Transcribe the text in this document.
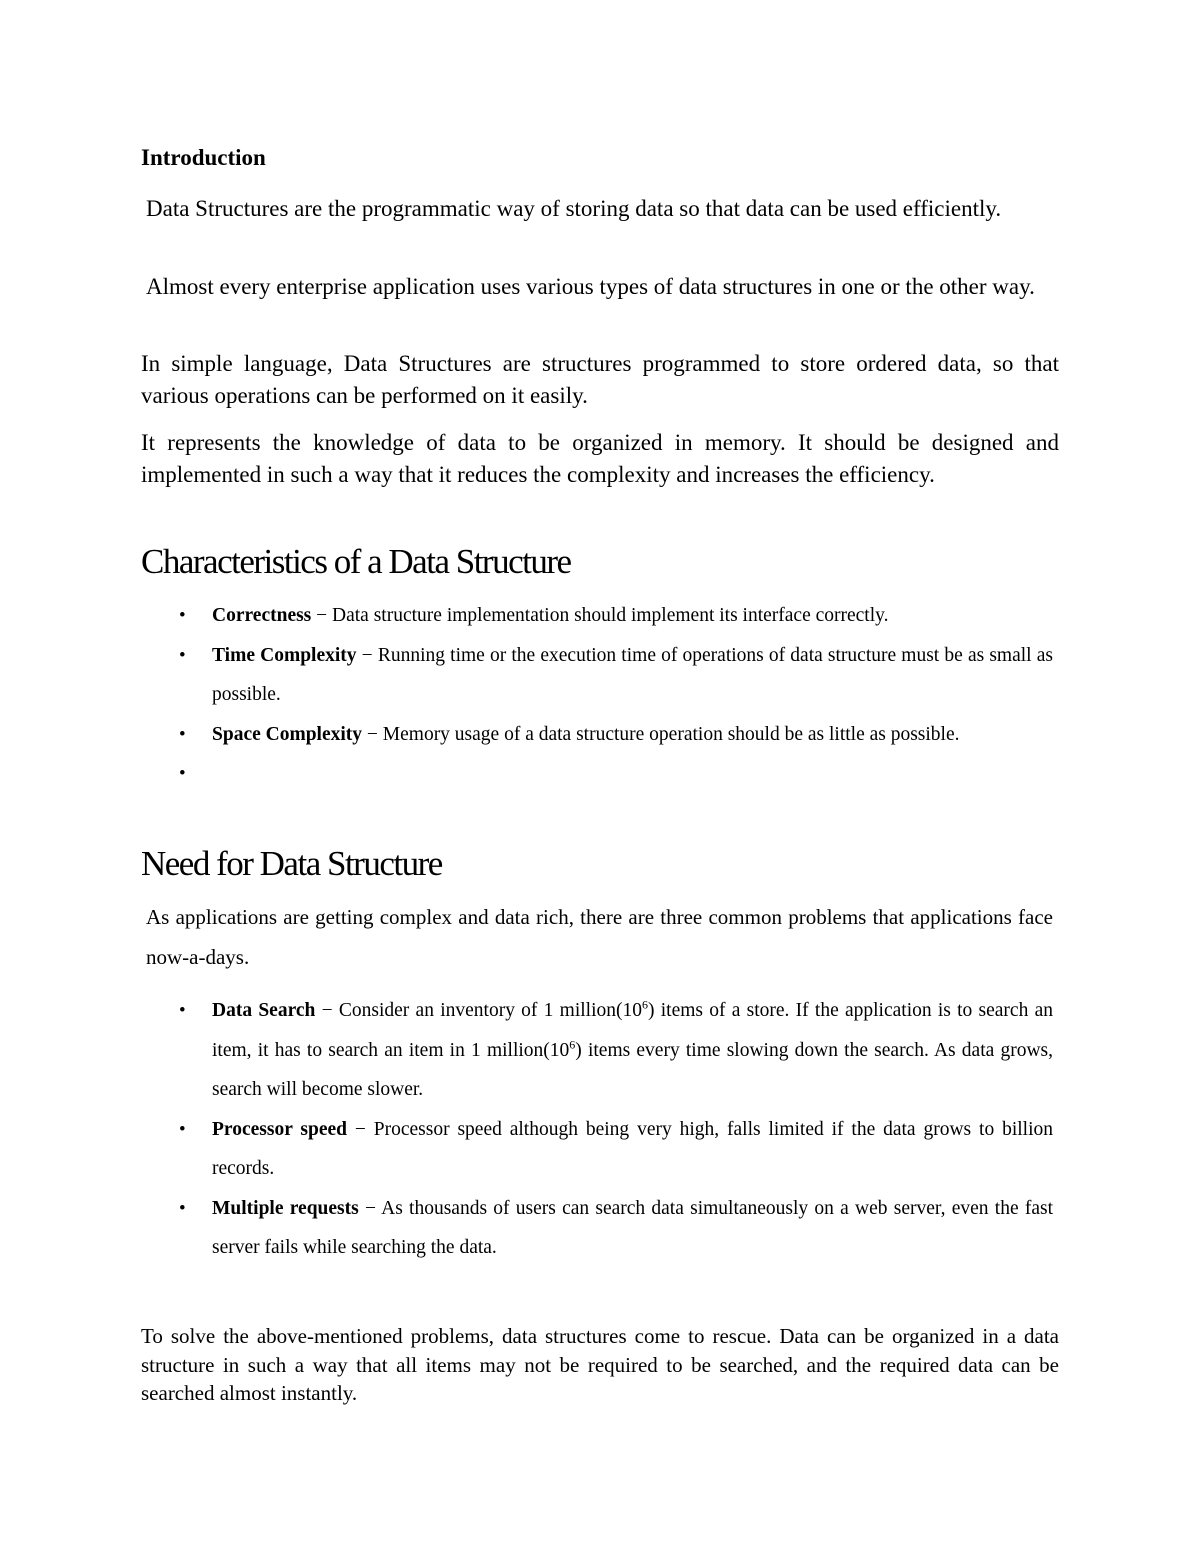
Introduction

Data Structures are the programmatic way of storing data so that data can be used efficiently.

Almost every enterprise application uses various types of data structures in one or the other way.

In simple language, Data Structures are structures programmed to store ordered data, so that various operations can be performed on it easily.

It represents the knowledge of data to be organized in memory. It should be designed and implemented in such a way that it reduces the complexity and increases the efficiency.

Characteristics of a Data Structure
• Correctness − Data structure implementation should implement its interface correctly.
• Time Complexity − Running time or the execution time of operations of data structure must be as small as possible.
• Space Complexity − Memory usage of a data structure operation should be as little as possible.
•

Need for Data Structure

As applications are getting complex and data rich, there are three common problems that applications face now-a-days.

• Data Search − Consider an inventory of 1 $million(10^6)$ items of a store. If the application is to search an item, it has to search an item in 1 $million(10^6)$ items every time slowing down the search. As data grows, search will become slower.
• Processor speed − Processor speed although being very high, falls limited if the data grows to billion records.
• Multiple requests − As thousands of users can search data simultaneously on a web server, even the fast server fails while searching the data.

To solve the above-mentioned problems, data structures come to rescue. Data can be organized in a data structure in such a way that all items may not be required to be searched, and the required data can be searched almost instantly.
